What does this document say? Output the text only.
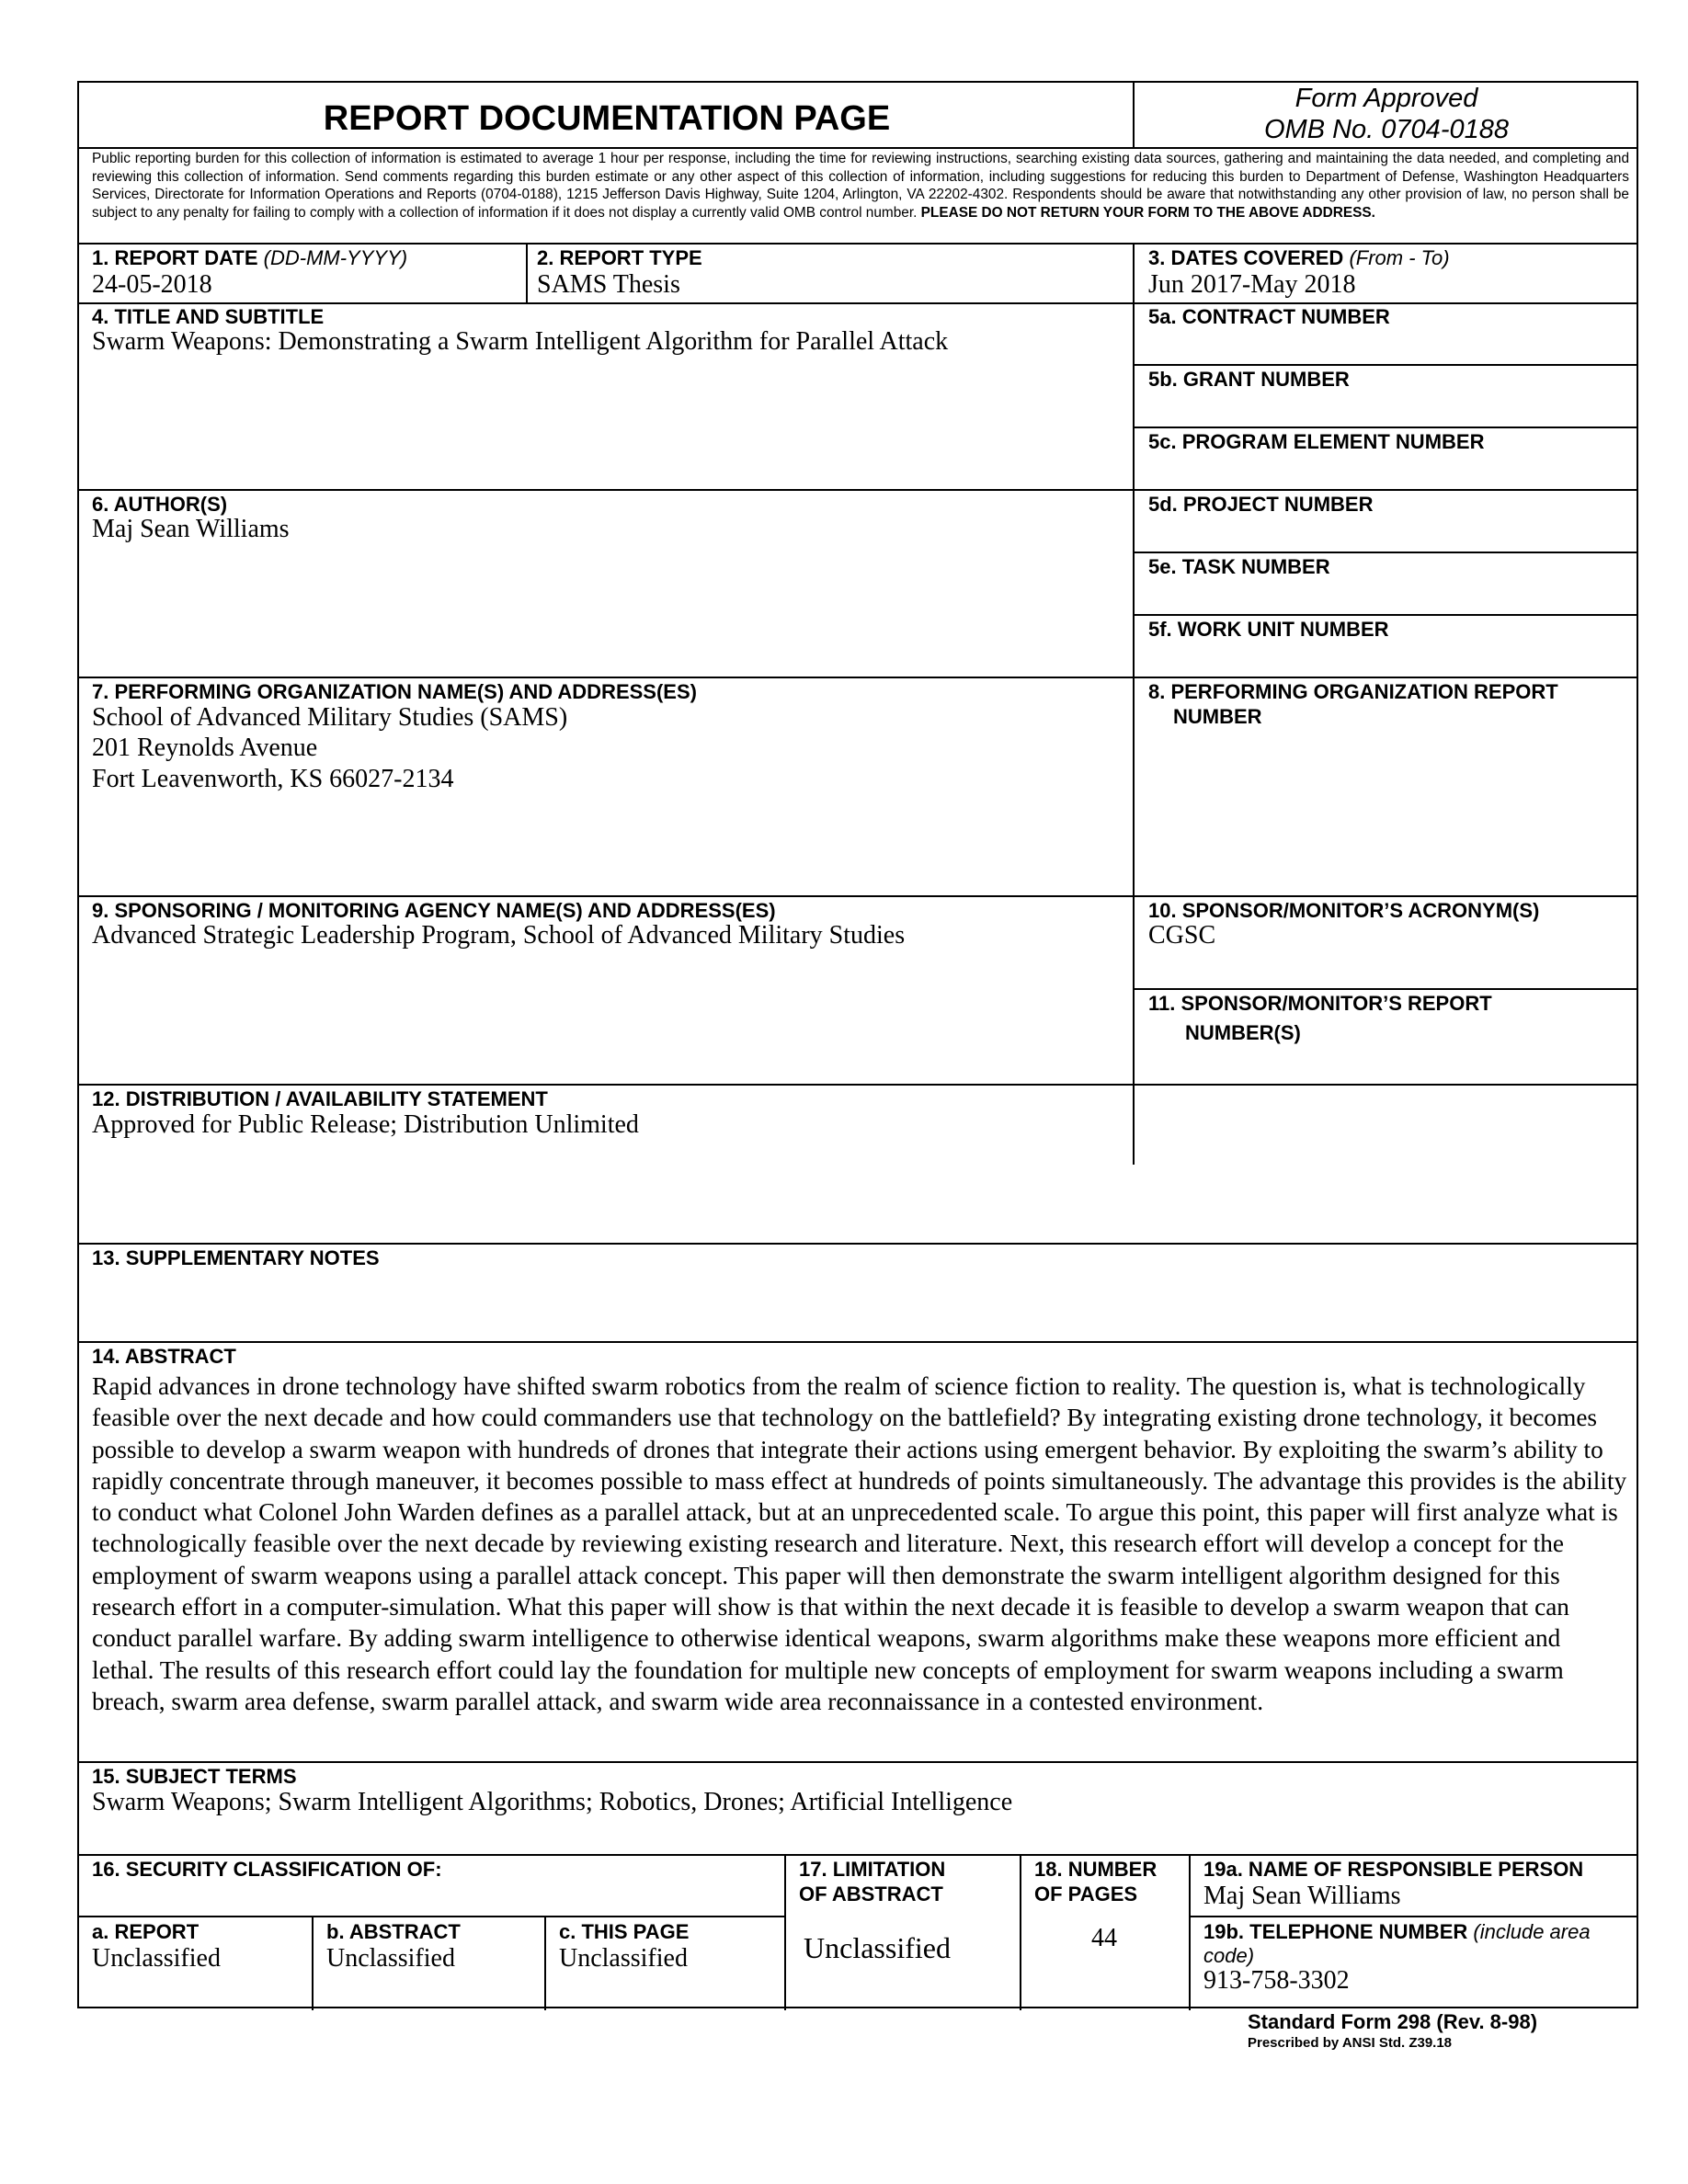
REPORT DOCUMENTATION PAGE
Form Approved
OMB No. 0704-0188
Public reporting burden for this collection of information is estimated to average 1 hour per response, including the time for reviewing instructions, searching existing data sources, gathering and maintaining the data needed, and completing and reviewing this collection of information. Send comments regarding this burden estimate or any other aspect of this collection of information, including suggestions for reducing this burden to Department of Defense, Washington Headquarters Services, Directorate for Information Operations and Reports (0704-0188), 1215 Jefferson Davis Highway, Suite 1204, Arlington, VA 22202-4302. Respondents should be aware that notwithstanding any other provision of law, no person shall be subject to any penalty for failing to comply with a collection of information if it does not display a currently valid OMB control number. PLEASE DO NOT RETURN YOUR FORM TO THE ABOVE ADDRESS.
1. REPORT DATE (DD-MM-YYYY)
24-05-2018
2. REPORT TYPE
SAMS Thesis
3. DATES COVERED (From - To)
Jun 2017-May 2018
4. TITLE AND SUBTITLE
Swarm Weapons: Demonstrating a Swarm Intelligent Algorithm for Parallel Attack
5a. CONTRACT NUMBER
5b. GRANT NUMBER
5c. PROGRAM ELEMENT NUMBER
6. AUTHOR(S)
Maj Sean Williams
5d. PROJECT NUMBER
5e. TASK NUMBER
5f. WORK UNIT NUMBER
7. PERFORMING ORGANIZATION NAME(S) AND ADDRESS(ES)
School of Advanced Military Studies (SAMS)
201 Reynolds Avenue
Fort Leavenworth, KS 66027-2134
8. PERFORMING ORGANIZATION REPORT
NUMBER
9. SPONSORING / MONITORING AGENCY NAME(S) AND ADDRESS(ES)
Advanced Strategic Leadership Program, School of Advanced Military Studies
10. SPONSOR/MONITOR’S ACRONYM(S)
CGSC
11. SPONSOR/MONITOR’S REPORT
NUMBER(S)
12. DISTRIBUTION / AVAILABILITY STATEMENT
Approved for Public Release; Distribution Unlimited
13. SUPPLEMENTARY NOTES
14. ABSTRACT
Rapid advances in drone technology have shifted swarm robotics from the realm of science fiction to reality. The question is, what is technologically feasible over the next decade and how could commanders use that technology on the battlefield? By integrating existing drone technology, it becomes possible to develop a swarm weapon with hundreds of drones that integrate their actions using emergent behavior. By exploiting the swarm’s ability to rapidly concentrate through maneuver, it becomes possible to mass effect at hundreds of points simultaneously. The advantage this provides is the ability to conduct what Colonel John Warden defines as a parallel attack, but at an unprecedented scale. To argue this point, this paper will first analyze what is technologically feasible over the next decade by reviewing existing research and literature. Next, this research effort will develop a concept for the employment of swarm weapons using a parallel attack concept. This paper will then demonstrate the swarm intelligent algorithm designed for this research effort in a computer-simulation. What this paper will show is that within the next decade it is feasible to develop a swarm weapon that can conduct parallel warfare. By adding swarm intelligence to otherwise identical weapons, swarm algorithms make these weapons more efficient and lethal. The results of this research effort could lay the foundation for multiple new concepts of employment for swarm weapons including a swarm breach, swarm area defense, swarm parallel attack, and swarm wide area reconnaissance in a contested environment.
15. SUBJECT TERMS
Swarm Weapons; Swarm Intelligent Algorithms; Robotics, Drones; Artificial Intelligence
16. SECURITY CLASSIFICATION OF:	17. LIMITATION
OF ABSTRACT
Unclassified
18. NUMBER
OF PAGES
44
19a. NAME OF RESPONSIBLE PERSON
Maj Sean Williams
a. REPORT
Unclassified
b. ABSTRACT
Unclassified
c. THIS PAGE
Unclassified
19b. TELEPHONE NUMBER (include area
code)
913-758-3302
Standard Form 298 (Rev. 8-98)
Prescribed by ANSI Std. Z39.18
